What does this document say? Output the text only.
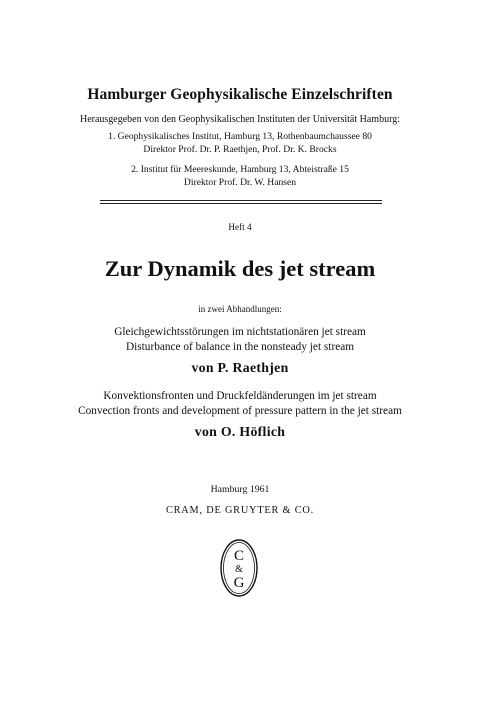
Hamburger Geophysikalische Einzelschriften
Herausgegeben von den Geophysikalischen Instituten der Universität Hamburg:
1. Geophysikalisches Institut, Hamburg 13, Rothenbaumchaussee 80
Direktor Prof. Dr. P. Raethjen, Prof. Dr. K. Brocks
2. Institut für Meereskunde, Hamburg 13, Abteistraße 15
Direktor Prof. Dr. W. Hansen
Heft 4
Zur Dynamik des jet stream
in zwei Abhandlungen:
Gleichgewichtsstörungen im nichtstationären jet stream
Disturbance of balance in the nonsteady jet stream
von P. Raethjen
Konvektionsfronten und Druckfeldänderungen im jet stream
Convection fronts and development of pressure pattern in the jet stream
von O. Höflich
Hamburg 1961
CRAM, DE GRUYTER & CO.
C
&
G
